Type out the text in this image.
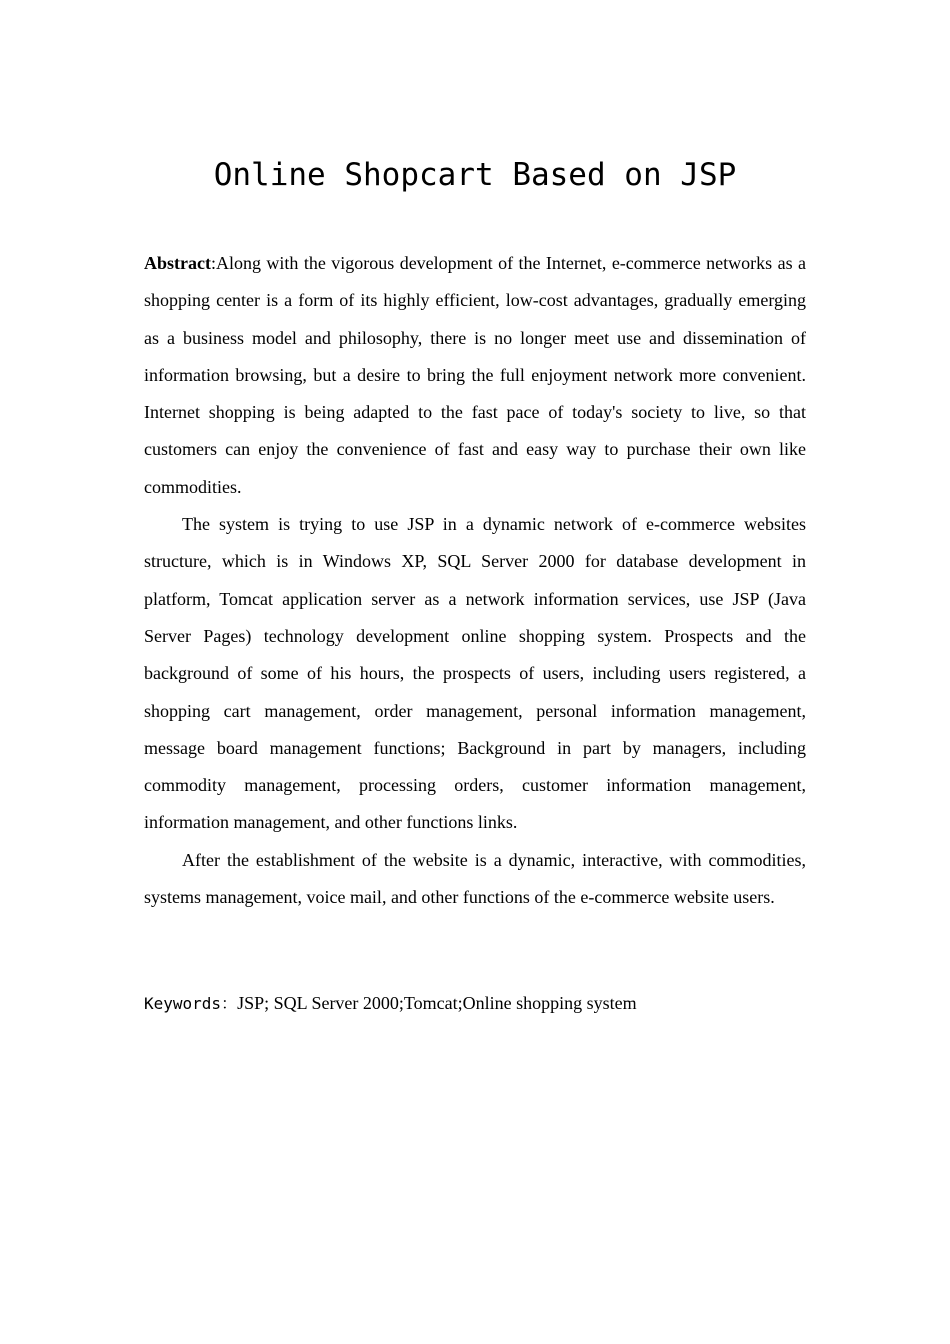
Online Shopcart Based on JSP

Abstract:Along with the vigorous development of the Internet, e-commerce networks as a shopping center is a form of its highly efficient, low-cost advantages, gradually emerging as a business model and philosophy, there is no longer meet use and dissemination of information browsing, but a desire to bring the full enjoyment network more convenient. Internet shopping is being adapted to the fast pace of today's society to live, so that customers can enjoy the convenience of fast and easy way to purchase their own like commodities.

The system is trying to use JSP in a dynamic network of e-commerce websites structure, which is in Windows XP, SQL Server 2000 for database development in platform, Tomcat application server as a network information services, use JSP (Java Server Pages) technology development online shopping system. Prospects and the background of some of his hours, the prospects of users, including users registered, a shopping cart management, order management, personal information management, message board management functions; Background in part by managers, including commodity management, processing orders, customer information management, information management, and other functions links.

After the establishment of the website is a dynamic, interactive, with commodities, systems management, voice mail, and other functions of the e-commerce website users.

Keywords：JSP; SQL Server 2000;Tomcat;Online shopping system
